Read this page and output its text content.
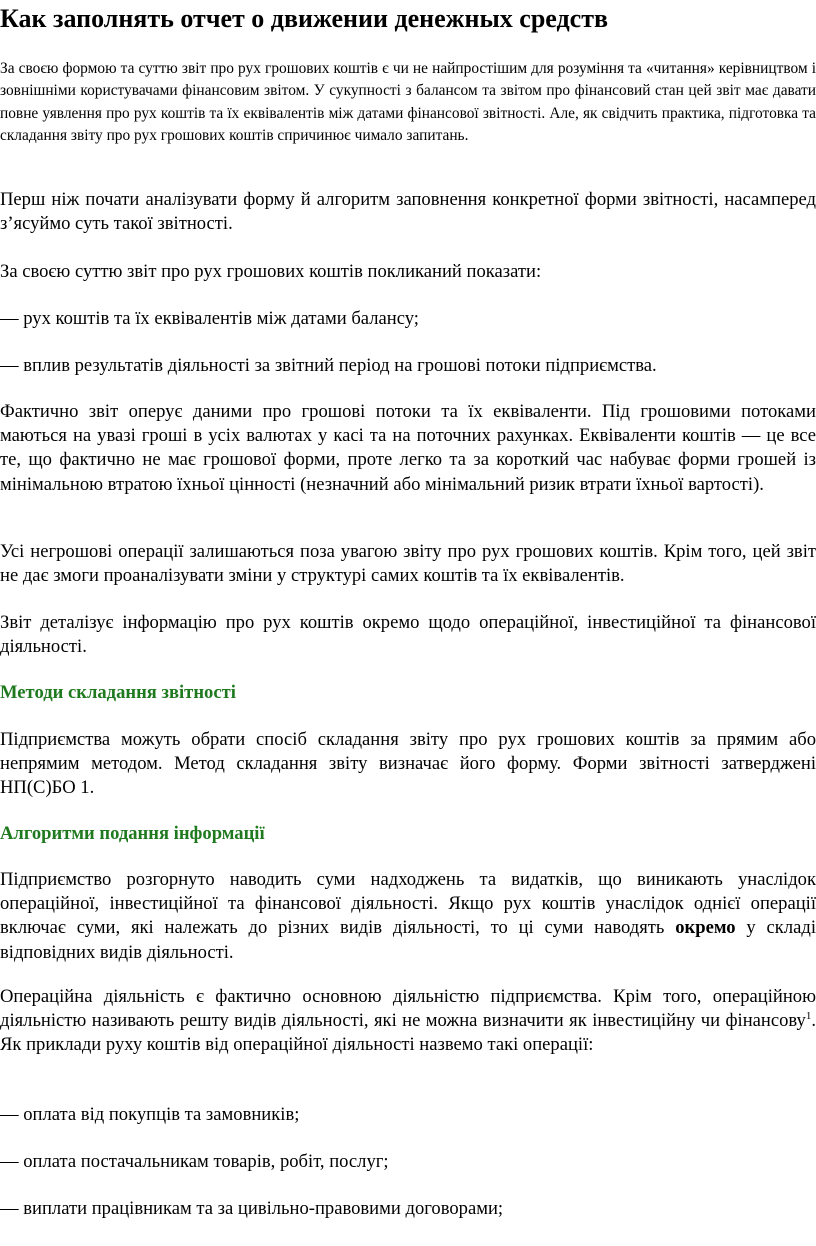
Как заполнять отчет о движении денежных средств

За своєю формою та суттю звіт про рух грошових коштів є чи не найпростішим для розуміння та «читання» керівництвом і зовнішніми користувачами фінансовим звітом. У сукупності з балансом та звітом про фінансовий стан цей звіт має давати повне уявлення про рух коштів та їх еквівалентів між датами фінансової звітності. Але, як свідчить практика, підготовка та складання звіту про рух грошових коштів спричинює чимало запитань.

Перш ніж почати аналізувати форму й алгоритм заповнення конкретної форми звітності, насамперед з’ясуймо суть такої звітності.

За своєю суттю звіт про рух грошових коштів покликаний показати:

— рух коштів та їх еквівалентів між датами балансу;

— вплив результатів діяльності за звітний період на грошові потоки підприємства.

Фактично звіт оперує даними про грошові потоки та їх еквіваленти. Під грошовими потоками маються на увазі гроші в усіх валютах у касі та на поточних рахунках. Еквіваленти коштів — це все те, що фактично не має грошової форми, проте легко та за короткий час набуває форми грошей із мінімальною втратою їхньої цінності (незначний або мінімальний ризик втрати їхньої вартості).

Усі негрошові операції залишаються поза увагою звіту про рух грошових коштів. Крім того, цей звіт не дає змоги проаналізувати зміни у структурі самих коштів та їх еквівалентів.

Звіт деталізує інформацію про рух коштів окремо щодо операційної, інвестиційної та фінансової діяльності.

Методи складання звітності

Підприємства можуть обрати спосіб складання звіту про рух грошових коштів за прямим або непрямим методом. Метод складання звіту визначає його форму. Форми звітності затверджені НП(С)БО 1.

Алгоритми подання інформації

Підприємство розгорнуто наводить суми надходжень та видатків, що виникають унаслідок операційної, інвестиційної та фінансової діяльності. Якщо рух коштів унаслідок однієї операції включає суми, які належать до різних видів діяльності, то ці суми наводять окремо у складі відповідних видів діяльності.

Операційна діяльність є фактично основною діяльністю підприємства. Крім того, операційною діяльністю називають решту видів діяльності, які не можна визначити як інвестиційну чи фінансову$^1$. Як приклади руху коштів від операційної діяльності назвемо такі операції:

— оплата від покупців та замовників;

— оплата постачальникам товарів, робіт, послуг;

— виплати працівникам та за цивільно-правовими договорами;
